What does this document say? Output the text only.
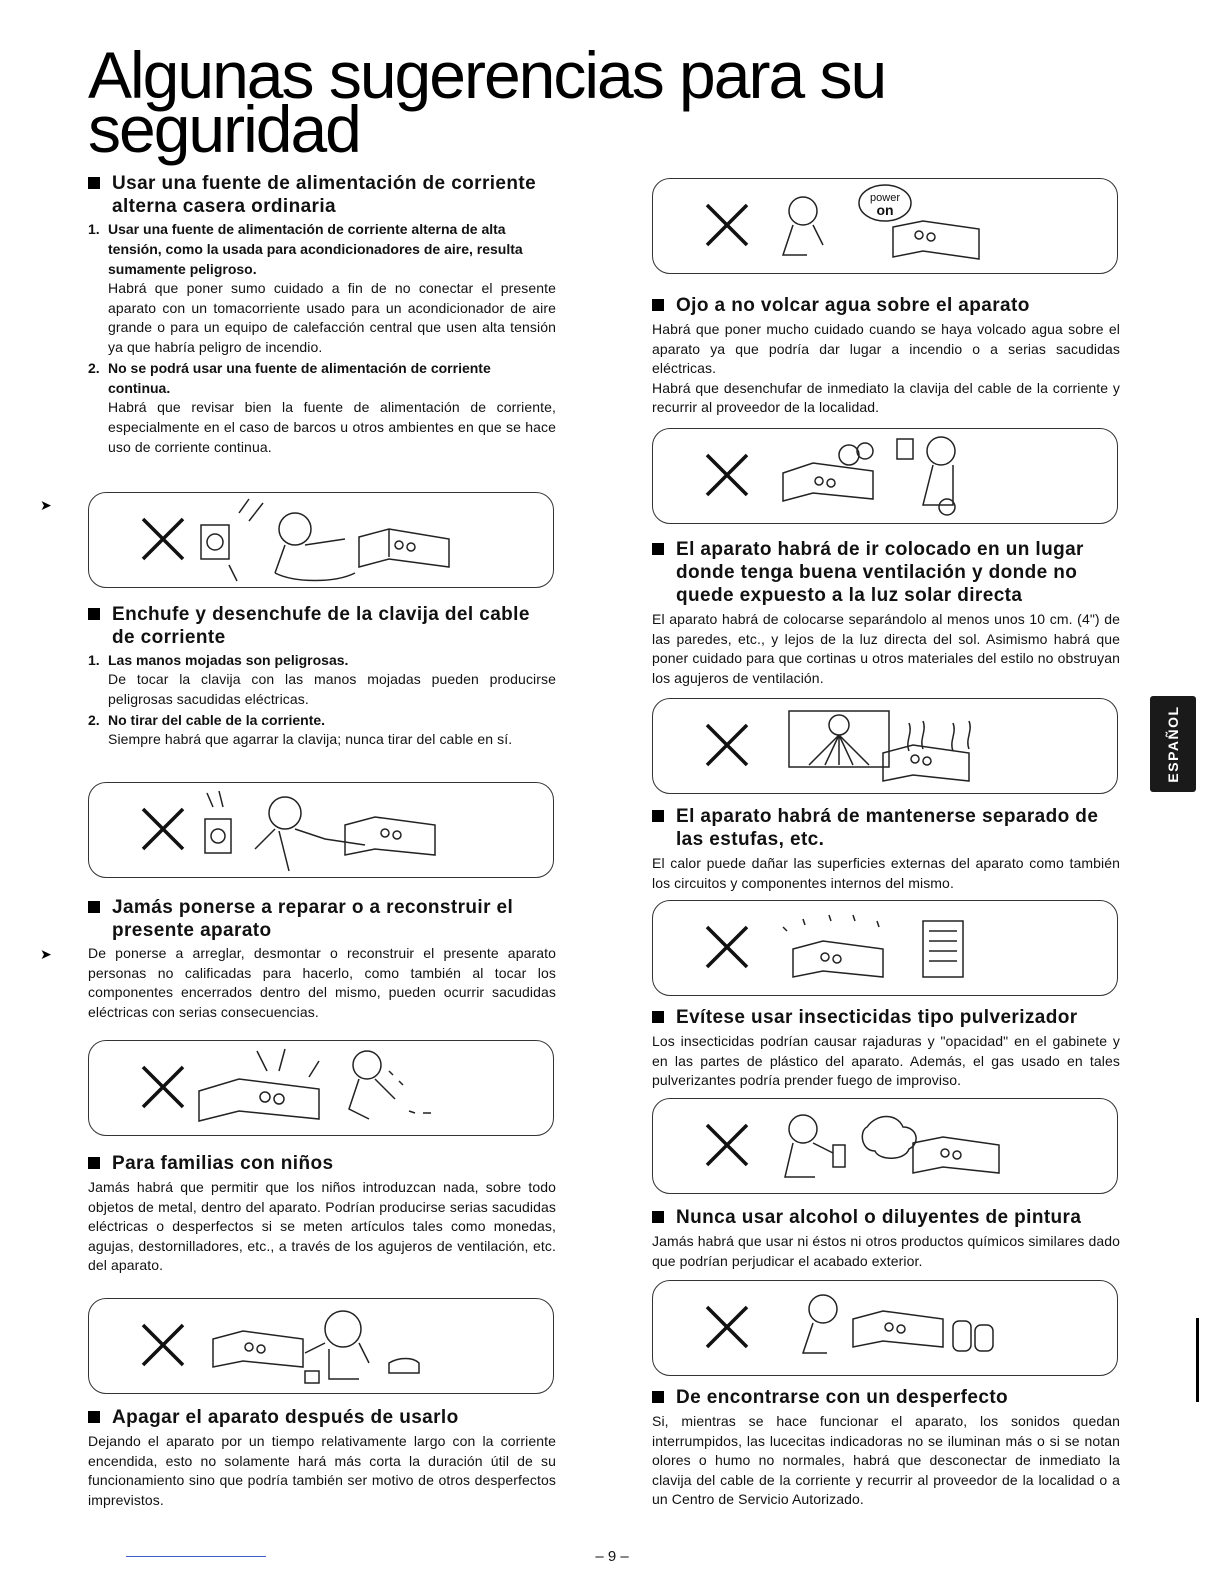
Algunas sugerencias para su seguridad
Usar una fuente de alimentación de corriente
alterna casera ordinaria
1. Usar una fuente de alimentación de corriente alterna de alta tensión, como la usada para acondicionadores de aire, resulta sumamente peligroso.

Habrá que poner sumo cuidado a fin de no conectar el presente aparato con un tomacorriente usado para un acondicionador de aire grande o para un equipo de calefacción central que usen alta tensión ya que habría peligro de incendio.

2. No se podrá usar una fuente de alimentación de corriente continua.

Habrá que revisar bien la fuente de alimentación de corriente, especialmente en el caso de barcos u otros ambientes en que se hace uso de corriente continua.

Enchufe y desenchufe de la clavija del cable
de corriente
1. Las manos mojadas son peligrosas.

De tocar la clavija con las manos mojadas pueden producirse peligrosas sacudidas eléctricas.

2. No tirar del cable de la corriente.

Siempre habrá que agarrar la clavija; nunca tirar del cable en sí.

Jamás ponerse a reparar o a reconstruir el
presente aparato

De ponerse a arreglar, desmontar o reconstruir el presente aparato personas no calificadas para hacerlo, como también al tocar los componentes encerrados dentro del mismo, pueden ocurrir sacudidas eléctricas con serias consecuencias.

Para familias con niños

Jamás habrá que permitir que los niños introduzcan nada, sobre todo objetos de metal, dentro del aparato. Podrían producirse serias sacudidas eléctricas o desperfectos si se meten artículos tales como monedas, agujas, destornilladores, etc., a través de los agujeros de ventilación, etc. del aparato.

Apagar el aparato después de usarlo

Dejando el aparato por un tiempo relativamente largo con la corriente encendida, esto no solamente hará más corta la duración útil de su funcionamiento sino que podría también ser motivo de otros desperfectos imprevistos.

power
on
Ojo a no volcar agua sobre el aparato

Habrá que poner mucho cuidado cuando se haya volcado agua sobre el aparato ya que podría dar lugar a incendio o a serias sacudidas eléctricas.

Habrá que desenchufar de inmediato la clavija del cable de la corriente y recurrir al proveedor de la localidad.

El aparato habrá de ir colocado en un lugar
donde tenga buena ventilación y donde no
quede expuesto a la luz solar directa

El aparato habrá de colocarse separándolo al menos unos 10 cm. (4") de las paredes, etc., y lejos de la luz directa del sol. Asimismo habrá que poner cuidado para que cortinas u otros materiales del estilo no obstruyan los agujeros de ventilación.

El aparato habrá de mantenerse separado de
las estufas, etc.

El calor puede dañar las superficies externas del aparato como también los circuitos y componentes internos del mismo.

Evítese usar insecticidas tipo pulverizador

Los insecticidas podrían causar rajaduras y "opacidad" en el gabinete y en las partes de plástico del aparato. Además, el gas usado en tales pulverizantes podría prender fuego de improviso.

Nunca usar alcohol o diluyentes de pintura

Jamás habrá que usar ni éstos ni otros productos químicos similares dado que podrían perjudicar el acabado exterior.

De encontrarse con un desperfecto

Si, mientras se hace funcionar el aparato, los sonidos quedan interrumpidos, las lucecitas indicadoras no se iluminan más o si se notan olores o humo no normales, habrá que desconectar de inmediato la clavija del cable de la corriente y recurrir al proveedor de la localidad o a un Centro de Servicio Autorizado.

ESPAÑOL
➤
➤
– 9 –
